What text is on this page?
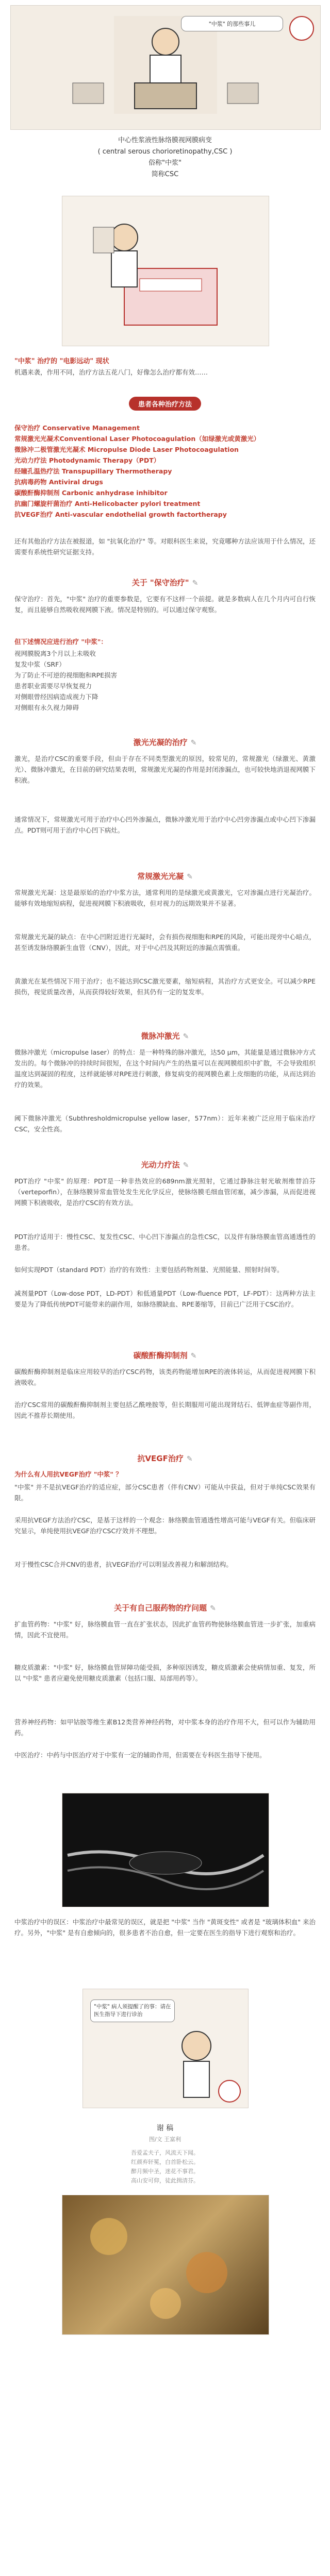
"中浆" 的那些事儿
中心性浆液性脉络膜视网膜病变
( central serous chorioretinopathy,CSC )
俗称"中浆"
简称CSC
"中浆" 治疗的 "电影远动" 现状
机遇来袭，作用不同，治疗方法五花八门，好像怎么治疗都有效……
患者各种治疗方法
保守治疗 Conservative Management
常规激光光凝术Conventional Laser Photocoagulation（如绿激光或黄激光）
微脉冲二极管激光光凝术 Micropulse Diode Laser Photocoagulation
光动力疗法 Photodynamic Therapy（PDT）
经瞳孔温热疗法 Transpupillary Thermotherapy
抗病毒药物 Antiviral drugs
碳酸酐酶抑制剂 Carbonic anhydrase inhibitor
抗幽门螺旋杆菌治疗 Anti-Helicobacter pylori treatment
抗VEGF治疗 Anti-vascular endothelial growth factortherapy
还有其他治疗方法在被报道，如 "抗氧化治疗" 等。对眼科医生来说，究竟哪种方法应该用于什么情况，还需要有系统性研究证据支持。
关于 "保守治疗" ✎
保守治疗：首先，"中浆" 治疗的重要参数是，它要有不这样一个前提。就是多数病人在几个月内可自行恢复，而且能够自然吸收视网膜下液。情况是特别的。可以通过保守观察。
但下述情况应进行治疗 "中浆"：
视网膜脱离3个月以上未吸收
复发中浆（SRF）
为了防止不可逆的视细胞和RPE损害
患者职业需要尽早恢复视力
对侧眼曾经因病造成视力下降
对侧眼有永久视力障碍
激光光凝的治疗 ✎
激光，是治疗CSC的重要手段，但由于存在不同类型激光的原因，较常见的，常规激光（绿激光、黄激光）、微脉冲激光，在目前的研究结果表明，常规激光光凝的作用是封闭渗漏点，也可较快地消退视网膜下积液。
通常情况下，常规激光可用于治疗中心凹外渗漏点，微脉冲激光用于治疗中心凹旁渗漏点或中心凹下渗漏点。PDT则可用于治疗中心凹下病灶。
常规激光光凝 ✎
常规激光光凝：这是最原始的治疗中浆方法，通常利用的是绿激光或黄激光，它对渗漏点进行光凝治疗。能够有效地缩短病程，促进视网膜下积液吸收，但对视力的远期效果并不显著。
常规激光光凝的缺点：在中心凹附近进行光凝时，会有损伤视细胞和RPE的风险，可能出现旁中心暗点，甚至诱发脉络膜新生血管（CNV），因此，对于中心凹及其附近的渗漏点需慎重。
黄激光在某些情况下用于治疗；也不能达到CSC激光要素，缩短病程，其治疗方式更安全。可以减少RPE损伤，视觉质量改善，从而获得较好效果，但其仍有一定的复发率。
微脉冲激光 ✎
微脉冲激光（micropulse laser）的特点：是一种特殊的脉冲激光，达50 μm，其能量是通过微脉冲方式发出的。每个微脉冲的持续时间很短，在这个时间内产生的热量可以在视网膜组织中扩散，不会导致组织温度达到凝固的程度，这样就能够对RPE进行刺激，修复病变的视网膜色素上皮细胞的功能，从而达到治疗的效果。
阈下微脉冲激光（Subthresholdmicropulse yellow laser，577nm）：近年来被广泛应用于临床治疗CSC，安全性高。
光动力疗法 ✎
PDT治疗 "中浆" 的原理：PDT是一种非热效应的689nm激光照射，它通过静脉注射光敏剂维替泊芬（verteporfin），在脉络膜异常血管处发生光化学反应，使脉络膜毛细血管闭塞，减少渗漏，从而促进视网膜下积液吸收，是治疗CSC的有效方法。
PDT治疗适用于：慢性CSC、复发性CSC、中心凹下渗漏点的急性CSC，以及伴有脉络膜血管高通透性的患者。
如何实现PDT（standard PDT）治疗的有效性：主要包括药物剂量、光照能量、照射时间等。
减剂量PDT（Low-dose PDT，LD-PDT）和低通量PDT（Low-fluence PDT，LF-PDT）：这两种方法主要是为了降低传统PDT可能带来的副作用，如脉络膜缺血、RPE萎缩等，目前已广泛用于CSC治疗。
碳酸酐酶抑制剂 ✎
碳酸酐酶抑制剂是临床应用较早的治疗CSC药物，该类药物能增加RPE的液体转运，从而促进视网膜下积液吸收。
治疗CSC常用的碳酸酐酶抑制剂主要包括乙酰唑胺等，但长期服用可能出现肾结石、低钾血症等副作用，因此不推荐长期使用。
抗VEGF治疗 ✎
为什么有人用抗VEGF治疗 "中浆" ？
"中浆" 并不是抗VEGF治疗的适应症，部分CSC患者（伴有CNV）可能从中获益，但对于单纯CSC效果有限。
采用抗VEGF方法治疗CSC，是基于这样的一个观念：脉络膜血管通透性增高可能与VEGF有关。但临床研究显示，单纯使用抗VEGF治疗CSC疗效并不理想。
对于慢性CSC合并CNV的患者，抗VEGF治疗可以明显改善视力和解剖结构。
关于有自己服药物的疗问题 ✎
扩血管药物："中浆" 好，脉络膜血管一直在扩张状态，因此扩血管药物使脉络膜血管进一步扩张，加重病情，因此不宜使用。
糖皮质激素："中浆" 好，脉络膜血管屏障功能受损，多种原因诱发，糖皮质激素会使病情加重、复发，所以 "中浆" 患者应避免使用糖皮质激素（包括口服、局部用药等）。
营养神经药物：如甲钴胺等维生素B12类营养神经药物，对中浆本身的治疗作用不大，但可以作为辅助用药。
中医治疗：中药与中医治疗对于中浆有一定的辅助作用，但需要在专科医生指导下使用。
中浆治疗中的误区：中浆治疗中最常见的误区，就是把 "中浆" 当作 "黄斑变性" 或者是 "玻璃体积血" 来治疗。另外，"中浆" 是有自愈倾向的，很多患者不治自愈，但一定要在医生的指导下进行观察和治疗。
"中浆" 病人须提醒了的事：请在医生指导下进行诊治
谢 稿
图/文 王富利
吾爱孟夫子，风流天下闻。
红颜弃轩冕，白首卧松云。
醉月频中圣，迷花不事君。
高山安可仰，徒此揖清芬。
